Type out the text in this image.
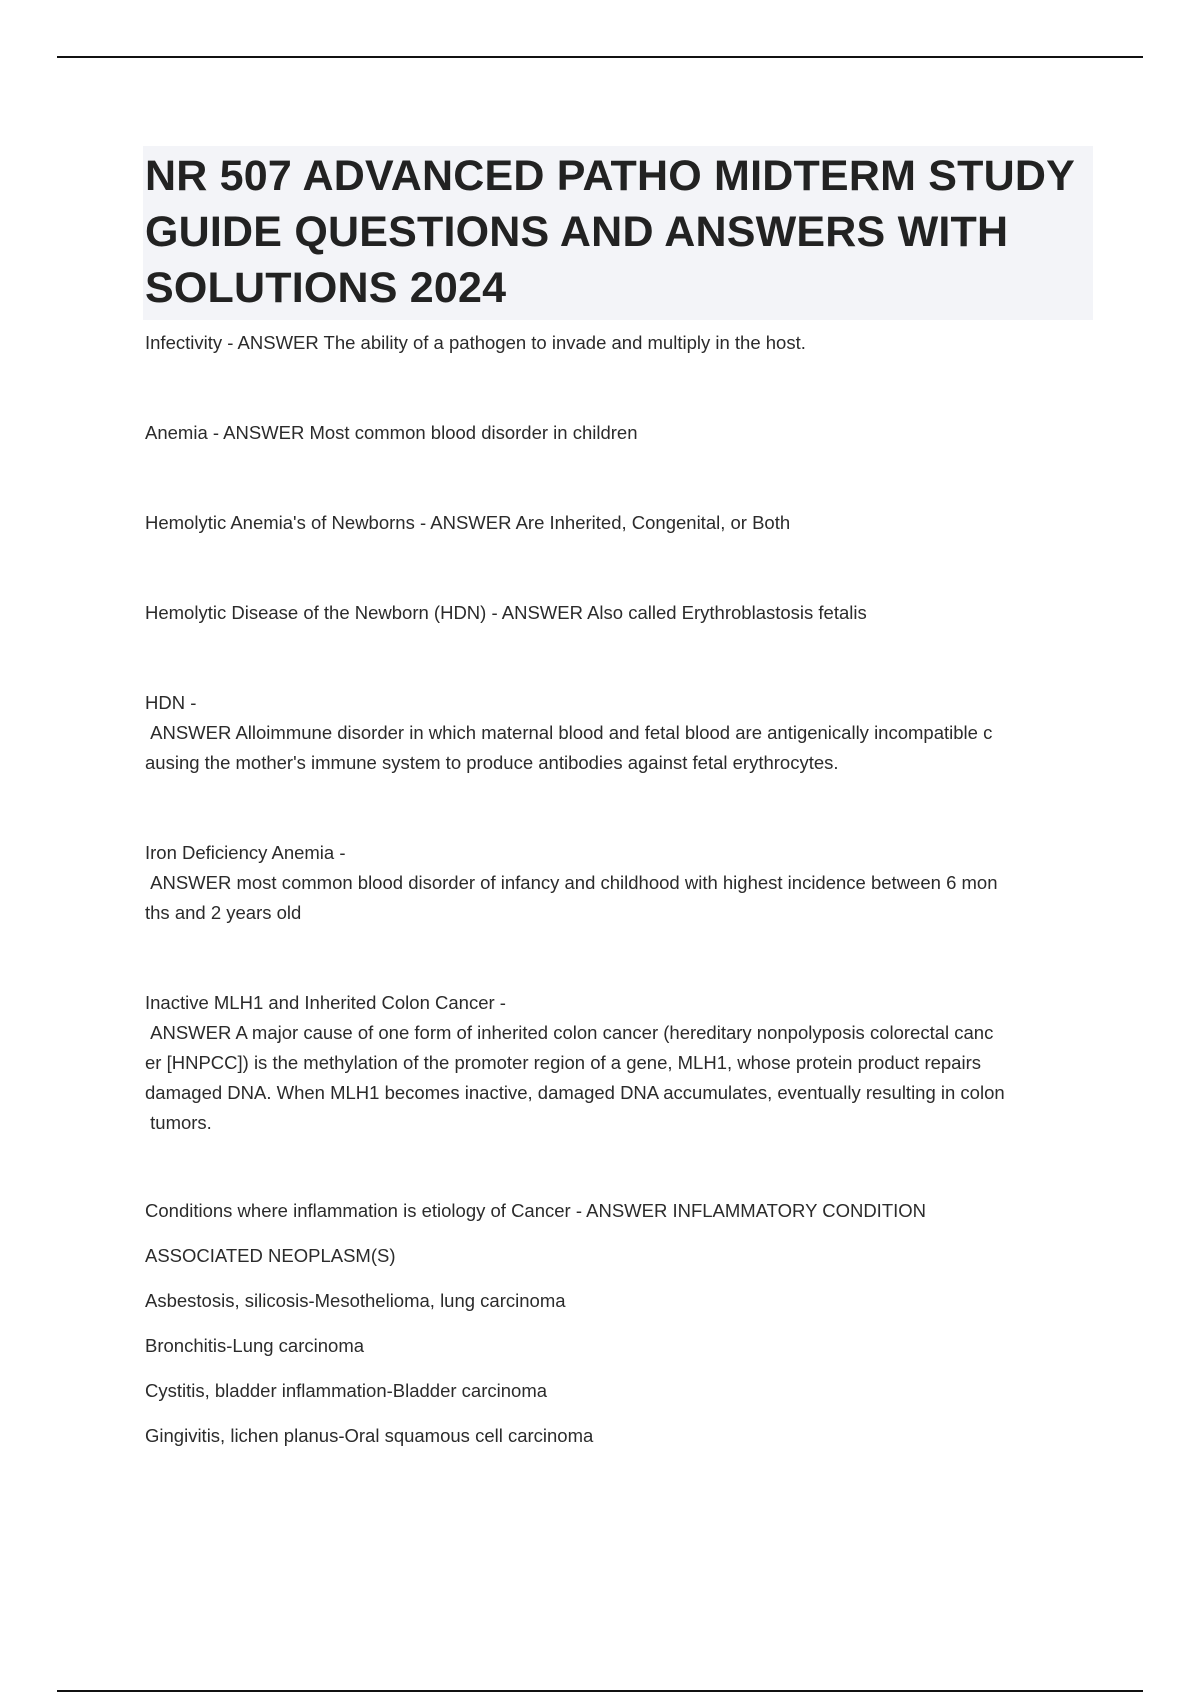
NR 507 ADVANCED PATHO MIDTERM STUDY GUIDE QUESTIONS AND ANSWERS WITH SOLUTIONS 2024
Infectivity - ANSWER The ability of a pathogen to invade and multiply in the host.
Anemia - ANSWER Most common blood disorder in children
Hemolytic Anemia's of Newborns - ANSWER Are Inherited, Congenital, or Both
Hemolytic Disease of the Newborn (HDN) - ANSWER Also called Erythroblastosis fetalis
HDN -
ANSWER Alloimmune disorder in which maternal blood and fetal blood are antigenically incompatible c
ausing the mother's immune system to produce antibodies against fetal erythrocytes.
Iron Deficiency Anemia -
ANSWER most common blood disorder of infancy and childhood with highest incidence between 6 mon
ths and 2 years old
Inactive MLH1 and Inherited Colon Cancer -
ANSWER A major cause of one form of inherited colon cancer (hereditary nonpolyposis colorectal canc
er [HNPCC]) is the methylation of the promoter region of a gene, MLH1, whose protein product repairs
damaged DNA. When MLH1 becomes inactive, damaged DNA accumulates, eventually resulting in colon
tumors.
Conditions where inflammation is etiology of Cancer - ANSWER INFLAMMATORY CONDITION
ASSOCIATED NEOPLASM(S)
Asbestosis, silicosis-Mesothelioma, lung carcinoma
Bronchitis-Lung carcinoma
Cystitis, bladder inflammation-Bladder carcinoma
Gingivitis, lichen planus-Oral squamous cell carcinoma
